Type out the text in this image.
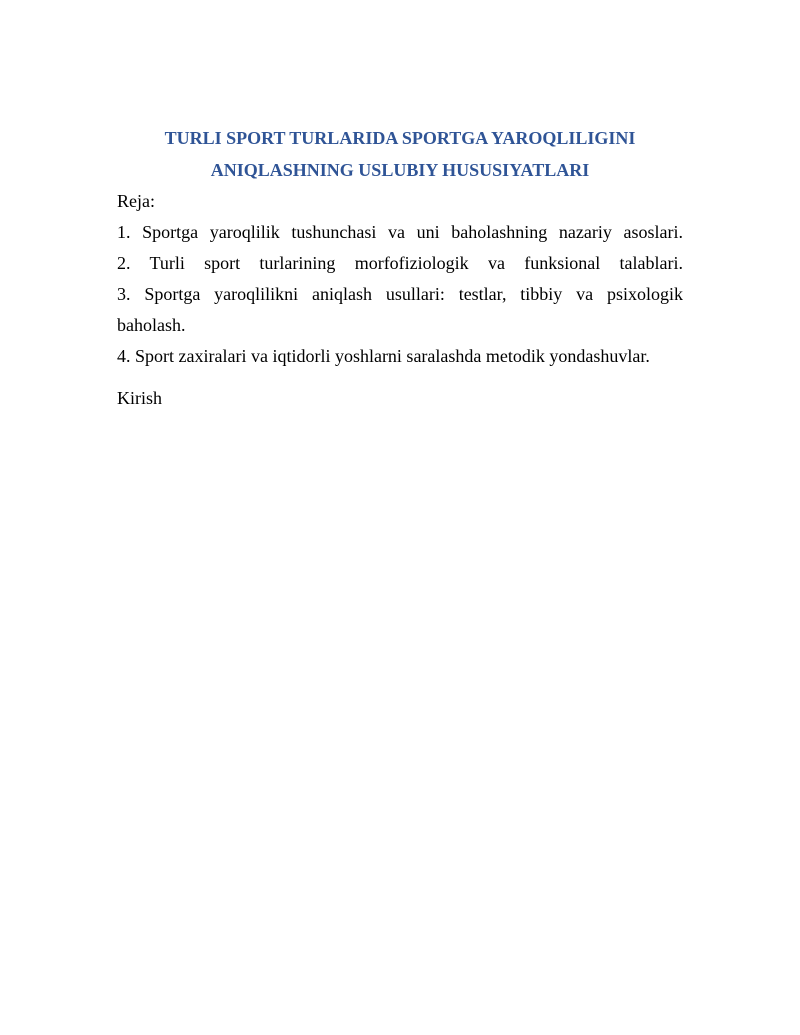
TURLI SPORT TURLARIDA SPORTGA YAROQLILIGINI
ANIQLASHNING USLUBIY HUSUSIYATLARI

Reja:

1. Sportga yaroqlilik tushunchasi va uni baholashning nazariy asoslari.
2. Turli sport turlarining morfofiziologik va funksional talablari.
3. Sportga yaroqlilikni aniqlash usullari: testlar, tibbiy va psixologik
baholash.
4. Sport zaxiralari va iqtidorli yoshlarni saralashda metodik yondashuvlar.

Kirish
